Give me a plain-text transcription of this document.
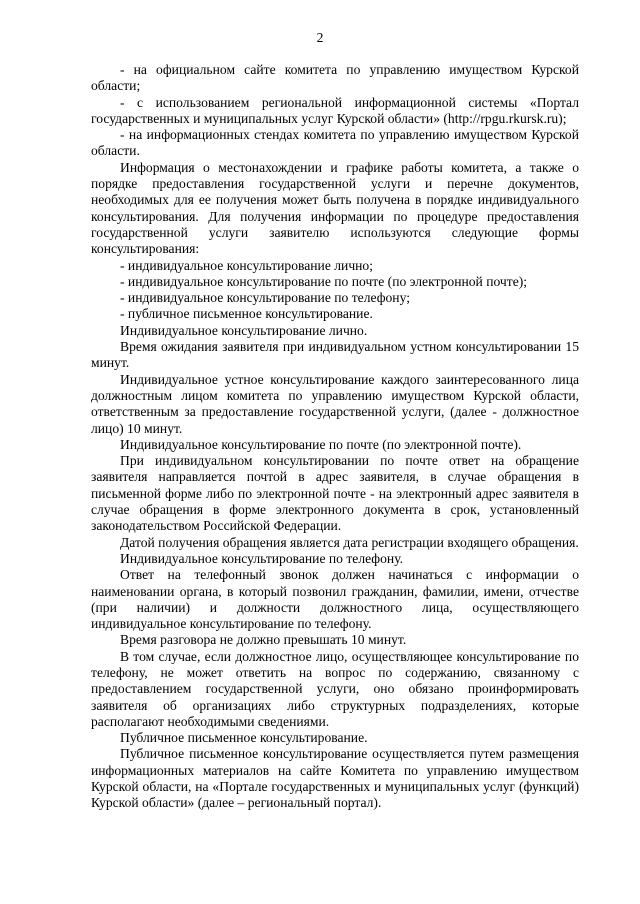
2

- на официальном сайте комитета по управлению имуществом Курской области;

- с использованием региональной информационной системы «Портал государственных и муниципальных услуг Курской области» (http://rpgu.rkursk.ru);

- на информационных стендах комитета по управлению имуществом Курской области.

Информация о местонахождении и графике работы комитета, а также о порядке предоставления государственной услуги и перечне документов, необходимых для ее получения может быть получена в порядке индивидуального консультирования. Для получения информации по процедуре предоставления государственной услуги заявителю используются следующие формы консультирования:

- индивидуальное консультирование лично;

- индивидуальное консультирование по почте (по электронной почте);

- индивидуальное консультирование по телефону;

- публичное письменное консультирование.

Индивидуальное консультирование лично.

Время ожидания заявителя при индивидуальном устном консультировании 15 минут.

Индивидуальное устное консультирование каждого заинтересованного лица должностным лицом комитета по управлению имуществом Курской области, ответственным за предоставление государственной услуги, (далее - должностное лицо) 10 минут.

Индивидуальное консультирование по почте (по электронной почте).

При индивидуальном консультировании по почте ответ на обращение заявителя направляется почтой в адрес заявителя, в случае обращения в письменной форме либо по электронной почте - на электронный адрес заявителя в случае обращения в форме электронного документа в срок, установленный законодательством Российской Федерации.

Датой получения обращения является дата регистрации входящего обращения.

Индивидуальное консультирование по телефону.

Ответ на телефонный звонок должен начинаться с информации о наименовании органа, в который позвонил гражданин, фамилии, имени, отчестве (при наличии) и должности должностного лица, осуществляющего индивидуальное консультирование по телефону.

Время разговора не должно превышать 10 минут.

В том случае, если должностное лицо, осуществляющее консультирование по телефону, не может ответить на вопрос по содержанию, связанному с предоставлением государственной услуги, оно обязано проинформировать заявителя об организациях либо структурных подразделениях, которые располагают необходимыми сведениями.

Публичное письменное консультирование.

Публичное письменное консультирование осуществляется путем размещения информационных материалов на сайте Комитета по управлению имуществом Курской области, на «Портале государственных и муниципальных услуг (функций) Курской области» (далее – региональный портал).
